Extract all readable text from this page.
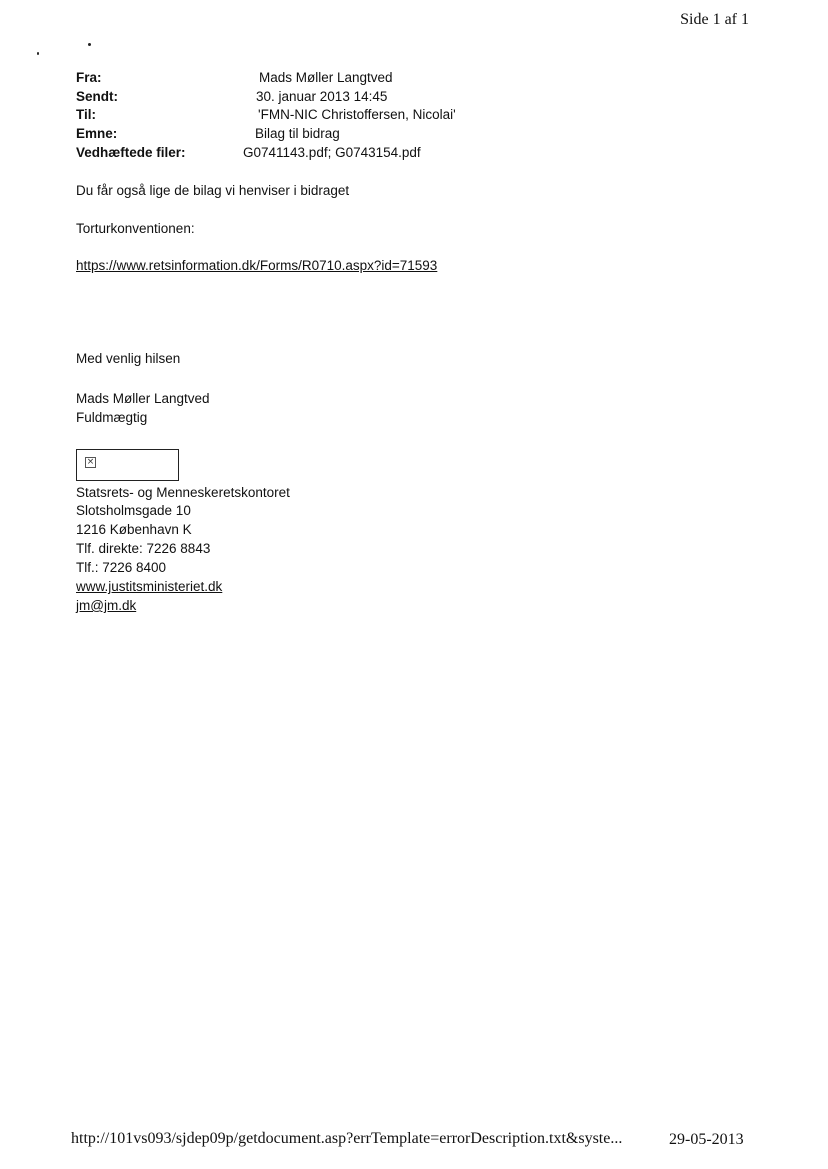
Side 1 af 1
Fra:	Mads Møller Langtved
Sendt:	30. januar 2013 14:45
Til:	'FMN-NIC Christoffersen, Nicolai'
Emne:	Bilag til bidrag
Vedhæftede filer:	G0741143.pdf; G0743154.pdf
Du får også lige de bilag vi henviser i bidraget
Torturkonventionen:
https://www.retsinformation.dk/Forms/R0710.aspx?id=71593
Med venlig hilsen
Mads Møller Langtved
Fuldmægtig
×
Statsrets- og Menneskeretskontoret
Slotsholmsgade 10
1216 København K
Tlf. direkte: 7226 8843
Tlf.: 7226 8400
www.justitsministeriet.dk
jm@jm.dk
http://101vs093/sjdep09p/getdocument.asp?errTemplate=errorDescription.txt&syste...	29-05-2013
